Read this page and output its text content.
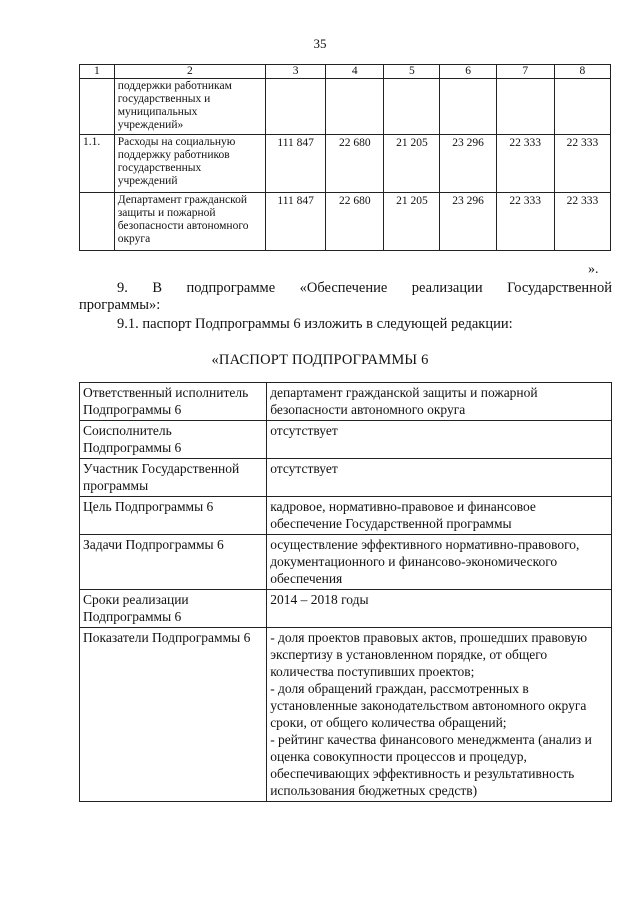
35
1	2	3	4	5	6	7	8
	поддержки работникам государственных и муниципальных учреждений»						
1.1.	Расходы на социальную поддержку работников государственных учреждений	111 847	22 680	21 205	23 296	22 333	22 333
	Департамент гражданской защиты и пожарной безопасности автономного округа	111 847	22 680	21 205	23 296	22 333	22 333
».
9. В подпрограмме «Обеспечение реализации Государственной
программы»:
9.1. паспорт Подпрограммы 6 изложить в следующей редакции:
«ПАСПОРТ ПОДПРОГРАММЫ 6
Ответственный исполнитель Подпрограммы 6	департамент гражданской защиты и пожарной безопасности автономного округа
Соисполнитель Подпрограммы 6	отсутствует
Участник Государственной программы	отсутствует
Цель Подпрограммы 6	кадровое, нормативно-правовое и финансовое обеспечение Государственной программы
Задачи Подпрограммы 6	осуществление эффективного нормативно-правового, документационного и финансово-экономического обеспечения
Сроки реализации Подпрограммы 6	2014 – 2018 годы
Показатели Подпрограммы 6	- доля проектов правовых актов, прошедших правовую экспертизу в установленном порядке, от общего количества поступивших проектов;
- доля обращений граждан, рассмотренных в установленные законодательством автономного округа сроки, от общего количества обращений;
- рейтинг качества финансового менеджмента (анализ и оценка совокупности процессов и процедур, обеспечивающих эффективность и результативность использования бюджетных средств)
